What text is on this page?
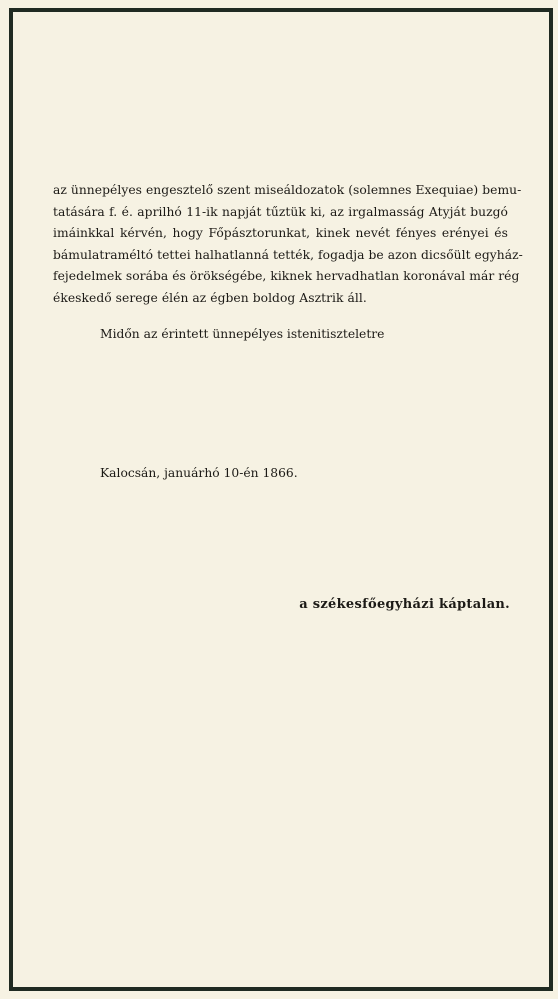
az ünnepélyes engesztelő szent miseáldozatok (solemnes Exequiae) bemu-
tatására f. é. aprilhó 11-ik napját tűztük ki, az irgalmasság Atyját buzgó
imáinkkal kérvén, hogy Főpásztorunkat, kinek nevét fényes erényei és
bámulatraméltó tettei halhatlanná tették, fogadja be azon dicsőült egyház-
fejedelmek sorába és örökségébe, kiknek hervadhatlan koronával már rég
ékeskedő serege élén az égben boldog Asztrik áll.
Midőn az érintett ünnepélyes istenitiszteletre
Kalocsán, januárhó 10-én 1866.
a székesfőegyházi káptalan.
